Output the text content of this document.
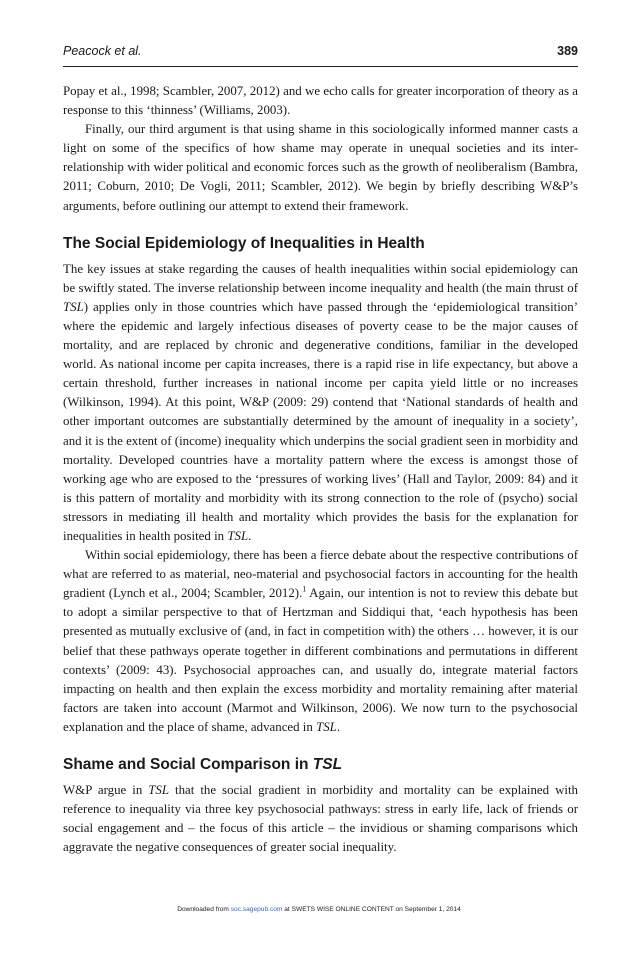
Peacock et al.	389

Popay et al., 1998; Scambler, 2007, 2012) and we echo calls for greater incorporation of theory as a response to this ‘thinness’ (Williams, 2003).

Finally, our third argument is that using shame in this sociologically informed manner casts a light on some of the specifics of how shame may operate in unequal societies and its inter-relationship with wider political and economic forces such as the growth of neoliberalism (Bambra, 2011; Coburn, 2010; De Vogli, 2011; Scambler, 2012). We begin by briefly describing W&P’s arguments, before outlining our attempt to extend their framework.

The Social Epidemiology of Inequalities in Health

The key issues at stake regarding the causes of health inequalities within social epidemiology can be swiftly stated. The inverse relationship between income inequality and health (the main thrust of TSL) applies only in those countries which have passed through the ‘epidemiological transition’ where the epidemic and largely infectious diseases of poverty cease to be the major causes of mortality, and are replaced by chronic and degenerative conditions, familiar in the developed world. As national income per capita increases, there is a rapid rise in life expectancy, but above a certain threshold, further increases in national income per capita yield little or no increases (Wilkinson, 1994). At this point, W&P (2009: 29) contend that ‘National standards of health and other important outcomes are substantially determined by the amount of inequality in a society’, and it is the extent of (income) inequality which underpins the social gradient seen in morbidity and mortality. Developed countries have a mortality pattern where the excess is amongst those of working age who are exposed to the ‘pressures of working lives’ (Hall and Taylor, 2009: 84) and it is this pattern of mortality and morbidity with its strong connection to the role of (psycho) social stressors in mediating ill health and mortality which provides the basis for the explanation for inequalities in health posited in TSL.

Within social epidemiology, there has been a fierce debate about the respective contributions of what are referred to as material, neo-material and psychosocial factors in accounting for the health gradient (Lynch et al., 2004; Scambler, 2012).$^1$ Again, our intention is not to review this debate but to adopt a similar perspective to that of Hertzman and Siddiqui that, ‘each hypothesis has been presented as mutually exclusive of (and, in fact in competition with) the others … however, it is our belief that these pathways operate together in different combinations and permutations in different contexts’ (2009: 43). Psychosocial approaches can, and usually do, integrate material factors impacting on health and then explain the excess morbidity and mortality remaining after material factors are taken into account (Marmot and Wilkinson, 2006). We now turn to the psychosocial explanation and the place of shame, advanced in TSL.

Shame and Social Comparison in TSL

W&P argue in TSL that the social gradient in morbidity and mortality can be explained with reference to inequality via three key psychosocial pathways: stress in early life, lack of friends or social engagement and – the focus of this article – the invidious or shaming comparisons which aggravate the negative consequences of greater social inequality.

Downloaded from soc.sagepub.com at SWETS WISE ONLINE CONTENT on September 1, 2014
